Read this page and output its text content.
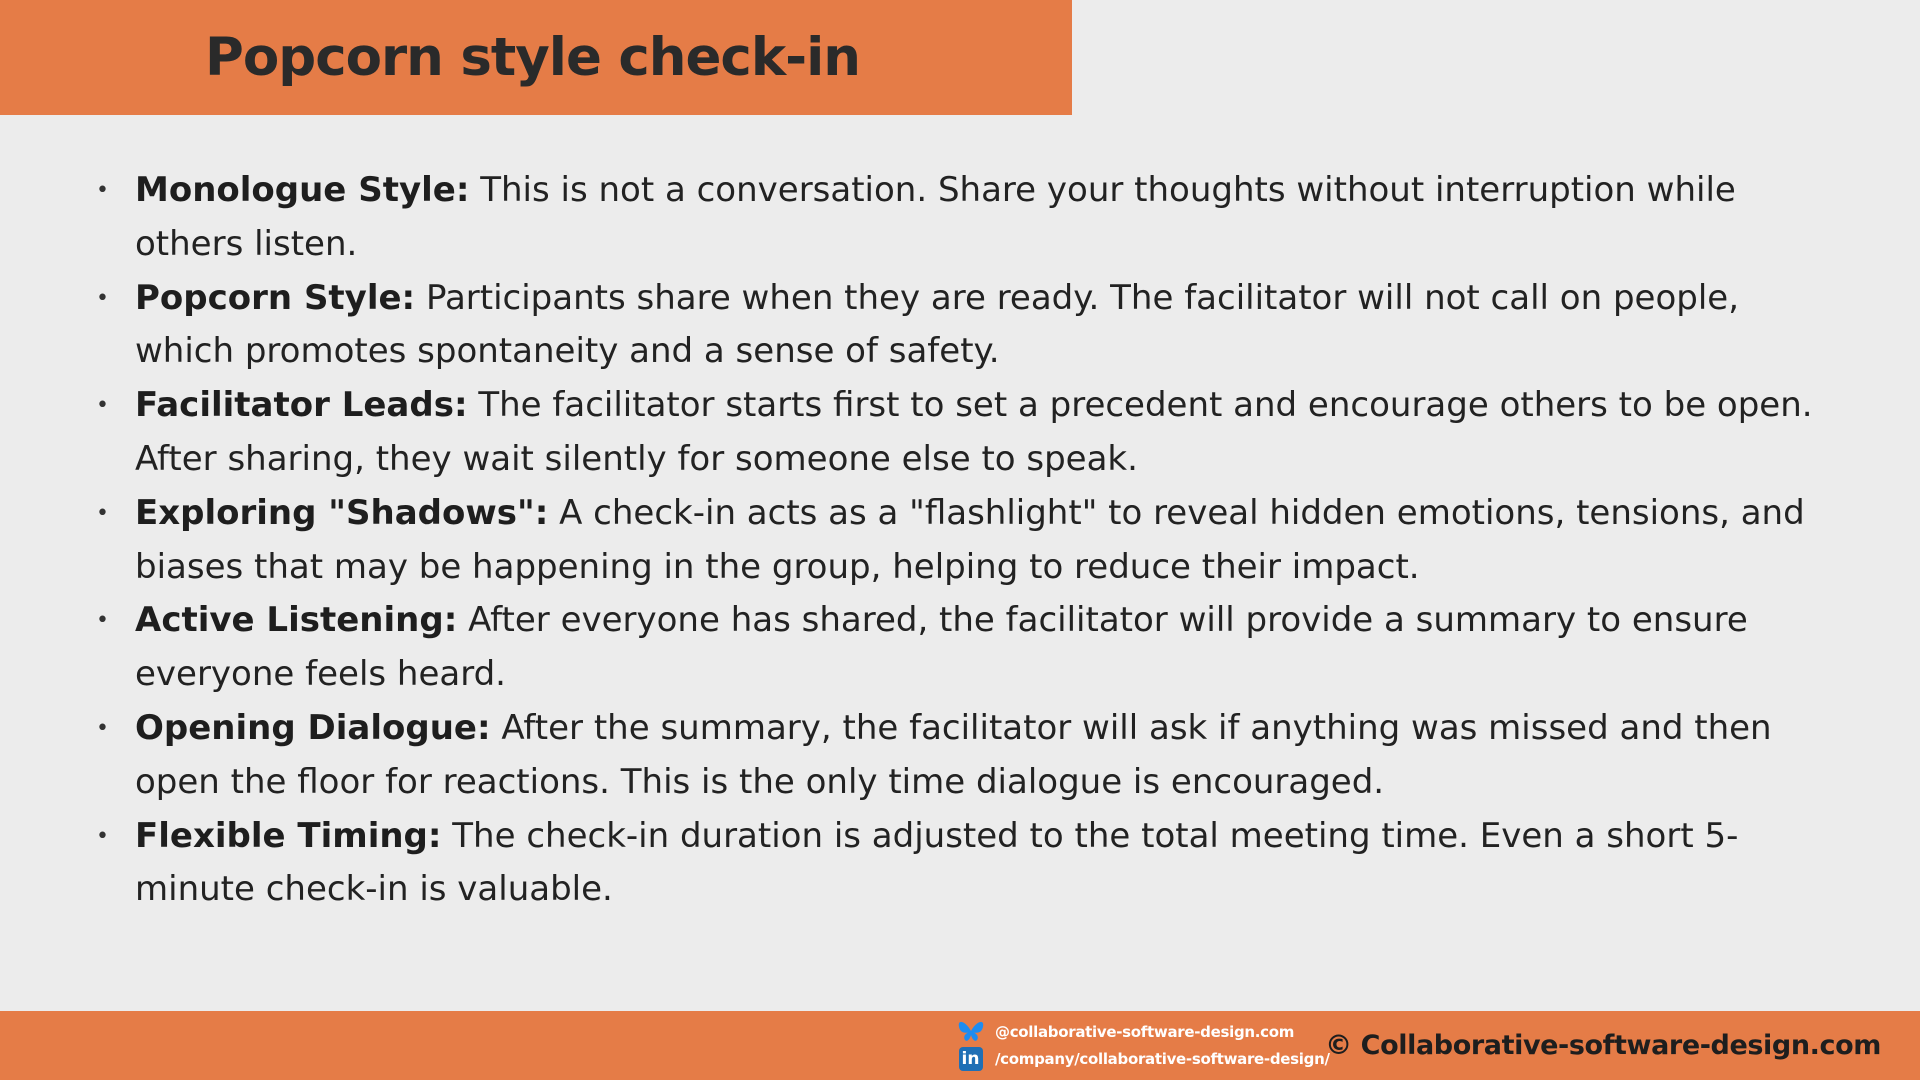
Popcorn style check-in
• Monologue Style: This is not a conversation. Share your thoughts without interruption while others listen.
• Popcorn Style: Participants share when they are ready. The facilitator will not call on people, which promotes spontaneity and a sense of safety.
• Facilitator Leads: The facilitator starts first to set a precedent and encourage others to be open. After sharing, they wait silently for someone else to speak.
• Exploring "Shadows": A check-in acts as a "flashlight" to reveal hidden emotions, tensions, and biases that may be happening in the group, helping to reduce their impact.
• Active Listening: After everyone has shared, the facilitator will provide a summary to ensure everyone feels heard.
• Opening Dialogue: After the summary, the facilitator will ask if anything was missed and then open the floor for reactions. This is the only time dialogue is encouraged.
• Flexible Timing: The check-in duration is adjusted to the total meeting time. Even a short 5-minute check-in is valuable.
@collaborative-software-design.com
in /company/collaborative-software-design/
© Collaborative-software-design.com
